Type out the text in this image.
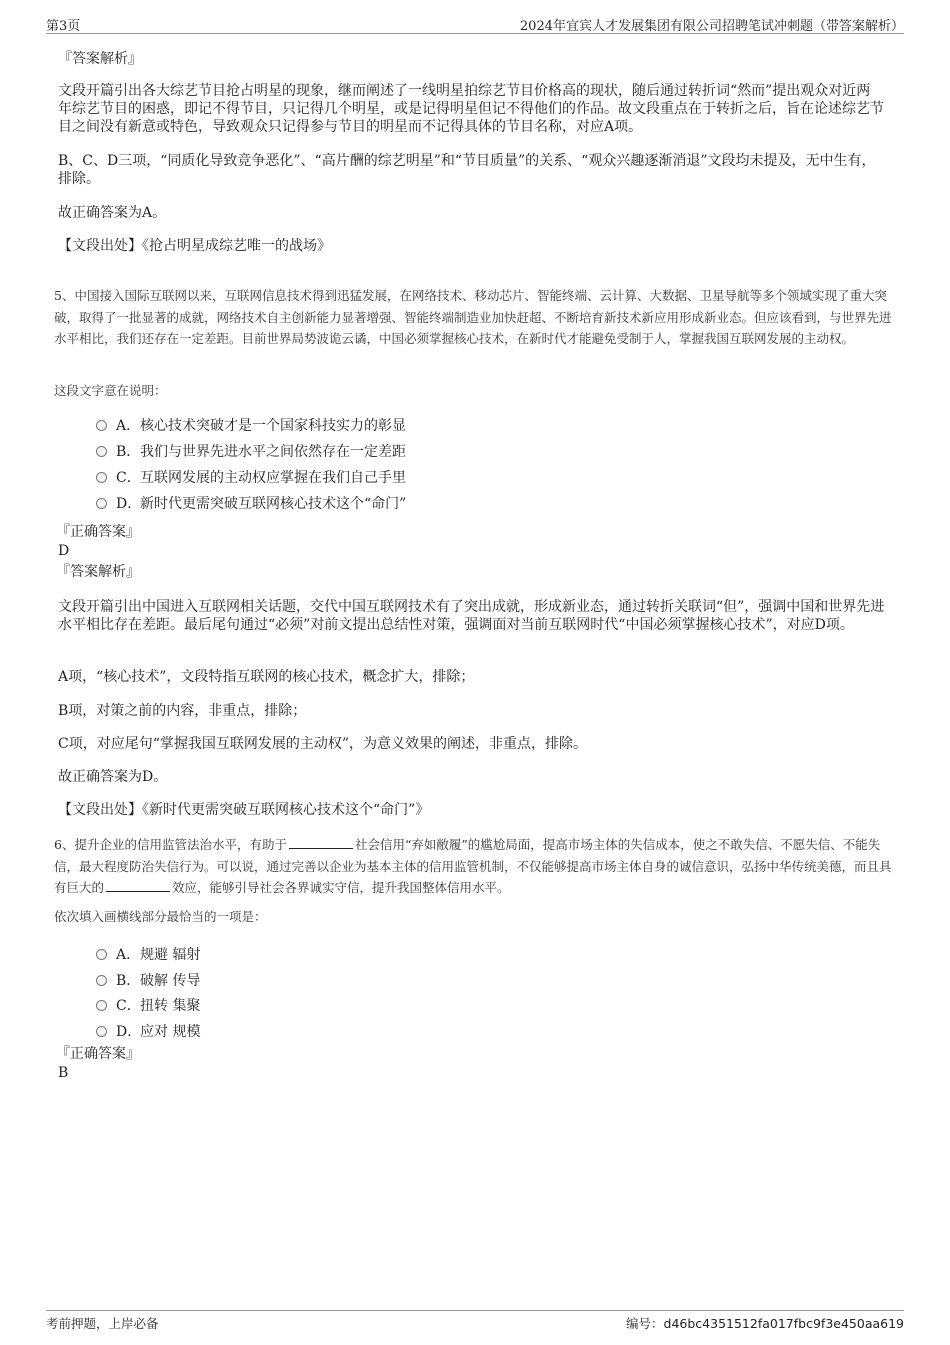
第3页	2024年宜宾人才发展集团有限公司招聘笔试冲刺题（带答案解析）

『答案解析』

文段开篇引出各大综艺节目抢占明星的现象，继而阐述了一线明星拍综艺节目价格高的现状，随后通过转折词“然而”提出观众对近两年综艺节目的困惑，即记不得节目，只记得几个明星，或是记得明星但记不得他们的作品。故文段重点在于转折之后，旨在论述综艺节目之间没有新意或特色，导致观众只记得参与节目的明星而不记得具体的节目名称，对应A项。

B、C、D三项，“同质化导致竞争恶化”、“高片酬的综艺明星”和“节目质量”的关系、“观众兴趣逐渐消退”文段均未提及，无中生有，排除。

故正确答案为A。

【文段出处】《抢占明星成综艺唯一的战场》

5、中国接入国际互联网以来，互联网信息技术得到迅猛发展，在网络技术、移动芯片、智能终端、云计算、大数据、卫星导航等多个领域实现了重大突破，取得了一批显著的成就，网络技术自主创新能力显著增强、智能终端制造业加快赶超、不断培育新技术新应用形成新业态。但应该看到，与世界先进水平相比，我们还存在一定差距。目前世界局势波诡云谲，中国必须掌握核心技术，在新时代才能避免受制于人，掌握我国互联网发展的主动权。

这段文字意在说明：

A．核心技术突破才是一个国家科技实力的彰显
B．我们与世界先进水平之间依然存在一定差距
C．互联网发展的主动权应掌握在我们自己手里
D．新时代更需突破互联网核心技术这个“命门”

『正确答案』

D

『答案解析』

文段开篇引出中国进入互联网相关话题，交代中国互联网技术有了突出成就，形成新业态，通过转折关联词“但”，强调中国和世界先进水平相比存在差距。最后尾句通过“必须”对前文提出总结性对策，强调面对当前互联网时代“中国必须掌握核心技术”，对应D项。

A项，“核心技术”，文段特指互联网的核心技术，概念扩大，排除；

B项，对策之前的内容，非重点，排除；

C项，对应尾句“掌握我国互联网发展的主动权”，为意义效果的阐述，非重点，排除。

故正确答案为D。

【文段出处】《新时代更需突破互联网核心技术这个“命门”》

6、提升企业的信用监管法治水平，有助于	社会信用“弃如敝履”的尴尬局面，提高市场主体的失信成本，使之不敢失信、不愿失信、不能失信，最大程度防治失信行为。可以说，通过完善以企业为基本主体的信用监管机制，不仅能够提高市场主体自身的诚信意识，弘扬中华传统美德，而且具有巨大的	效应，能够引导社会各界诚实守信，提升我国整体信用水平。

依次填入画横线部分最恰当的一项是：

A．规避 辐射
B．破解 传导
C．扭转 集聚
D．应对 规模

『正确答案』

B

考前押题，上岸必备	编号：d46bc4351512fa017fbc9f3e450aa619
